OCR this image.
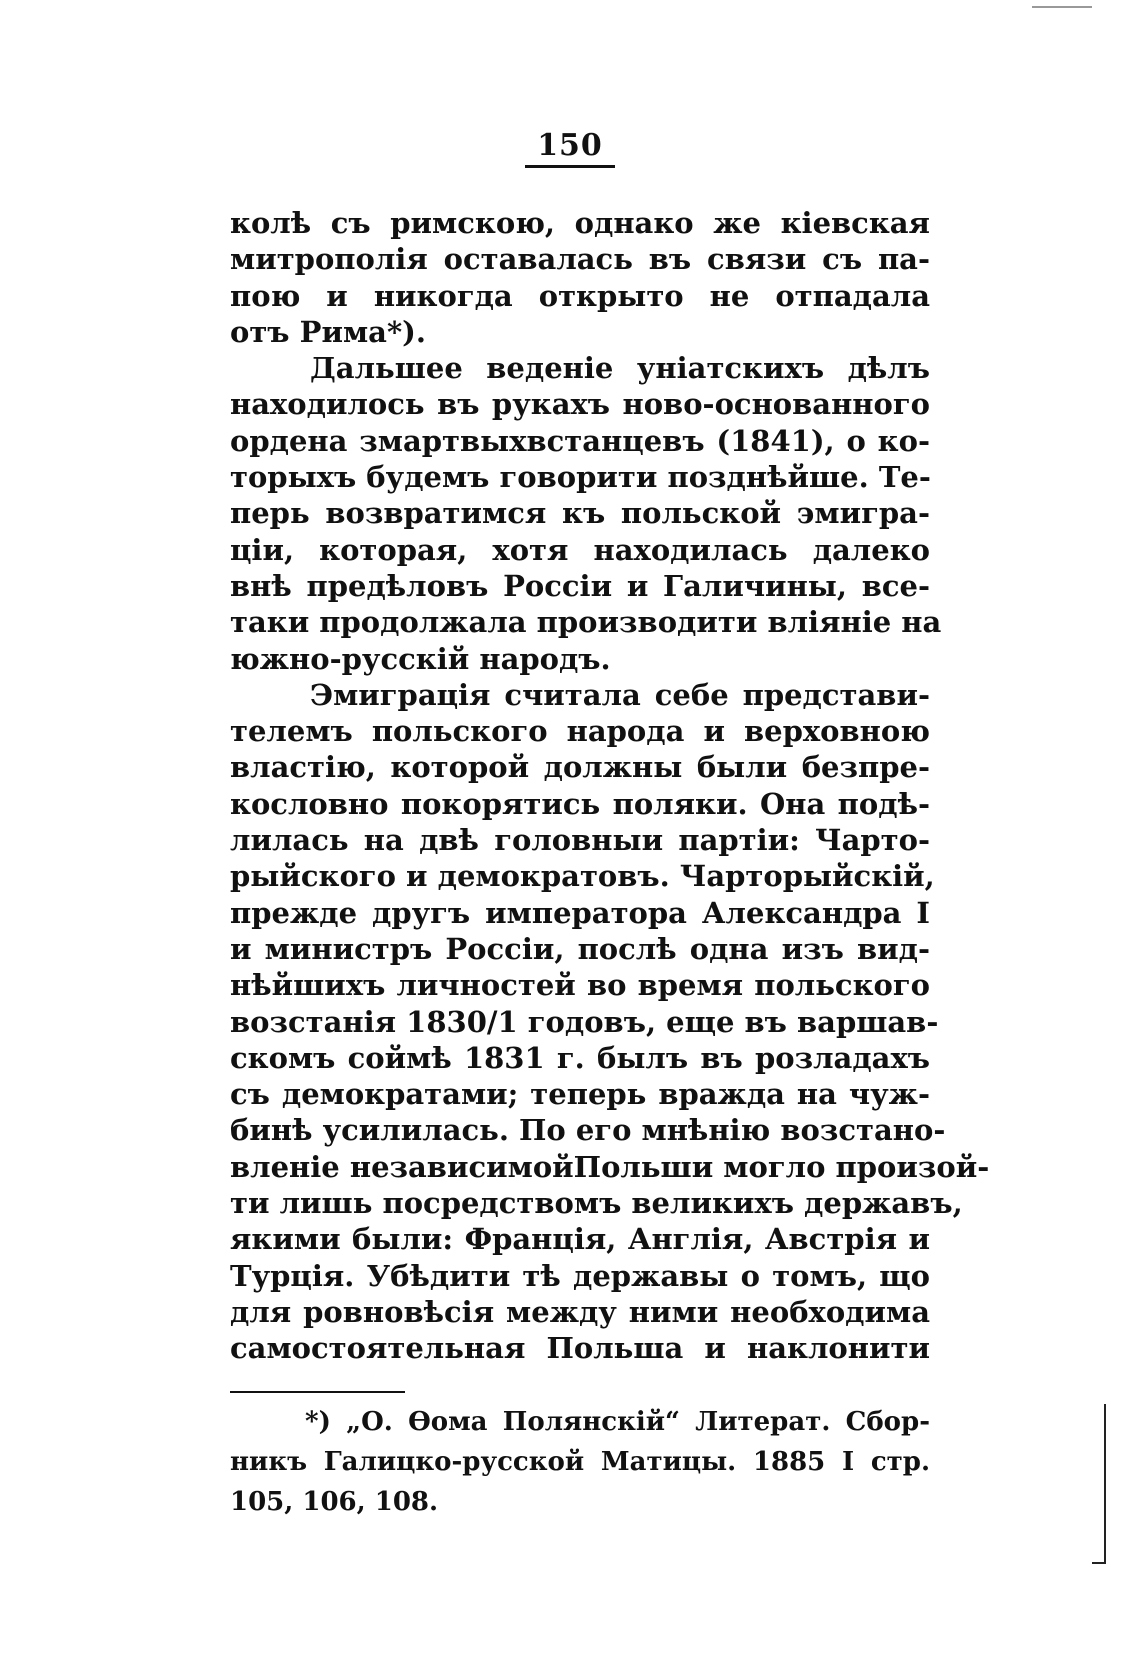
150
колѣ съ римскою, однако же кіевская
митрополія оставалась въ связи съ па-
пою и никогда открыто не отпадала
отъ Рима*).
Дальшее веденіе уніатскихъ дѣлъ
находилось въ рукахъ ново-основанного
ордена змартвыхвстанцевъ (1841), о ко-
торыхъ будемъ говорити позднѣйше. Те-
перь возвратимся къ польской эмигра-
ціи, которая, хотя находилась далеко
внѣ предѣловъ Россіи и Галичины, все-
таки продолжала производити вліяніе на
южно-русскій народъ.
Эмиграція считала себе представи-
телемъ польского народа и верховною
властію, которой должны были безпре-
кословно покорятись поляки. Она подѣ-
лилась на двѣ головныи партіи: Чарто-
рыйского и демократовъ. Чарторыйскій,
прежде другъ императора Александра I
и министръ Россіи, послѣ одна изъ вид-
нѣйшихъ личностей во время польского
возстанія 1830/1 годовъ, еще въ варшав-
скомъ соймѣ 1831 г. былъ въ розладахъ
съ демократами; теперь вражда на чуж-
бинѣ усилилась. По его мнѣнію возстано-
вленіе независимойПольши могло произой-
ти лишь посредствомъ великихъ державъ,
якими были: Франція, Англія, Австрія и
Турція. Убѣдити тѣ державы о томъ, що
для ровновѣсія между ними необходима
самостоятельная Польша и наклонити
*) „О. Ѳома Полянскій“ Литерат. Сбор-
никъ Галицко-русской Матицы. 1885 I стр.
105, 106, 108.
